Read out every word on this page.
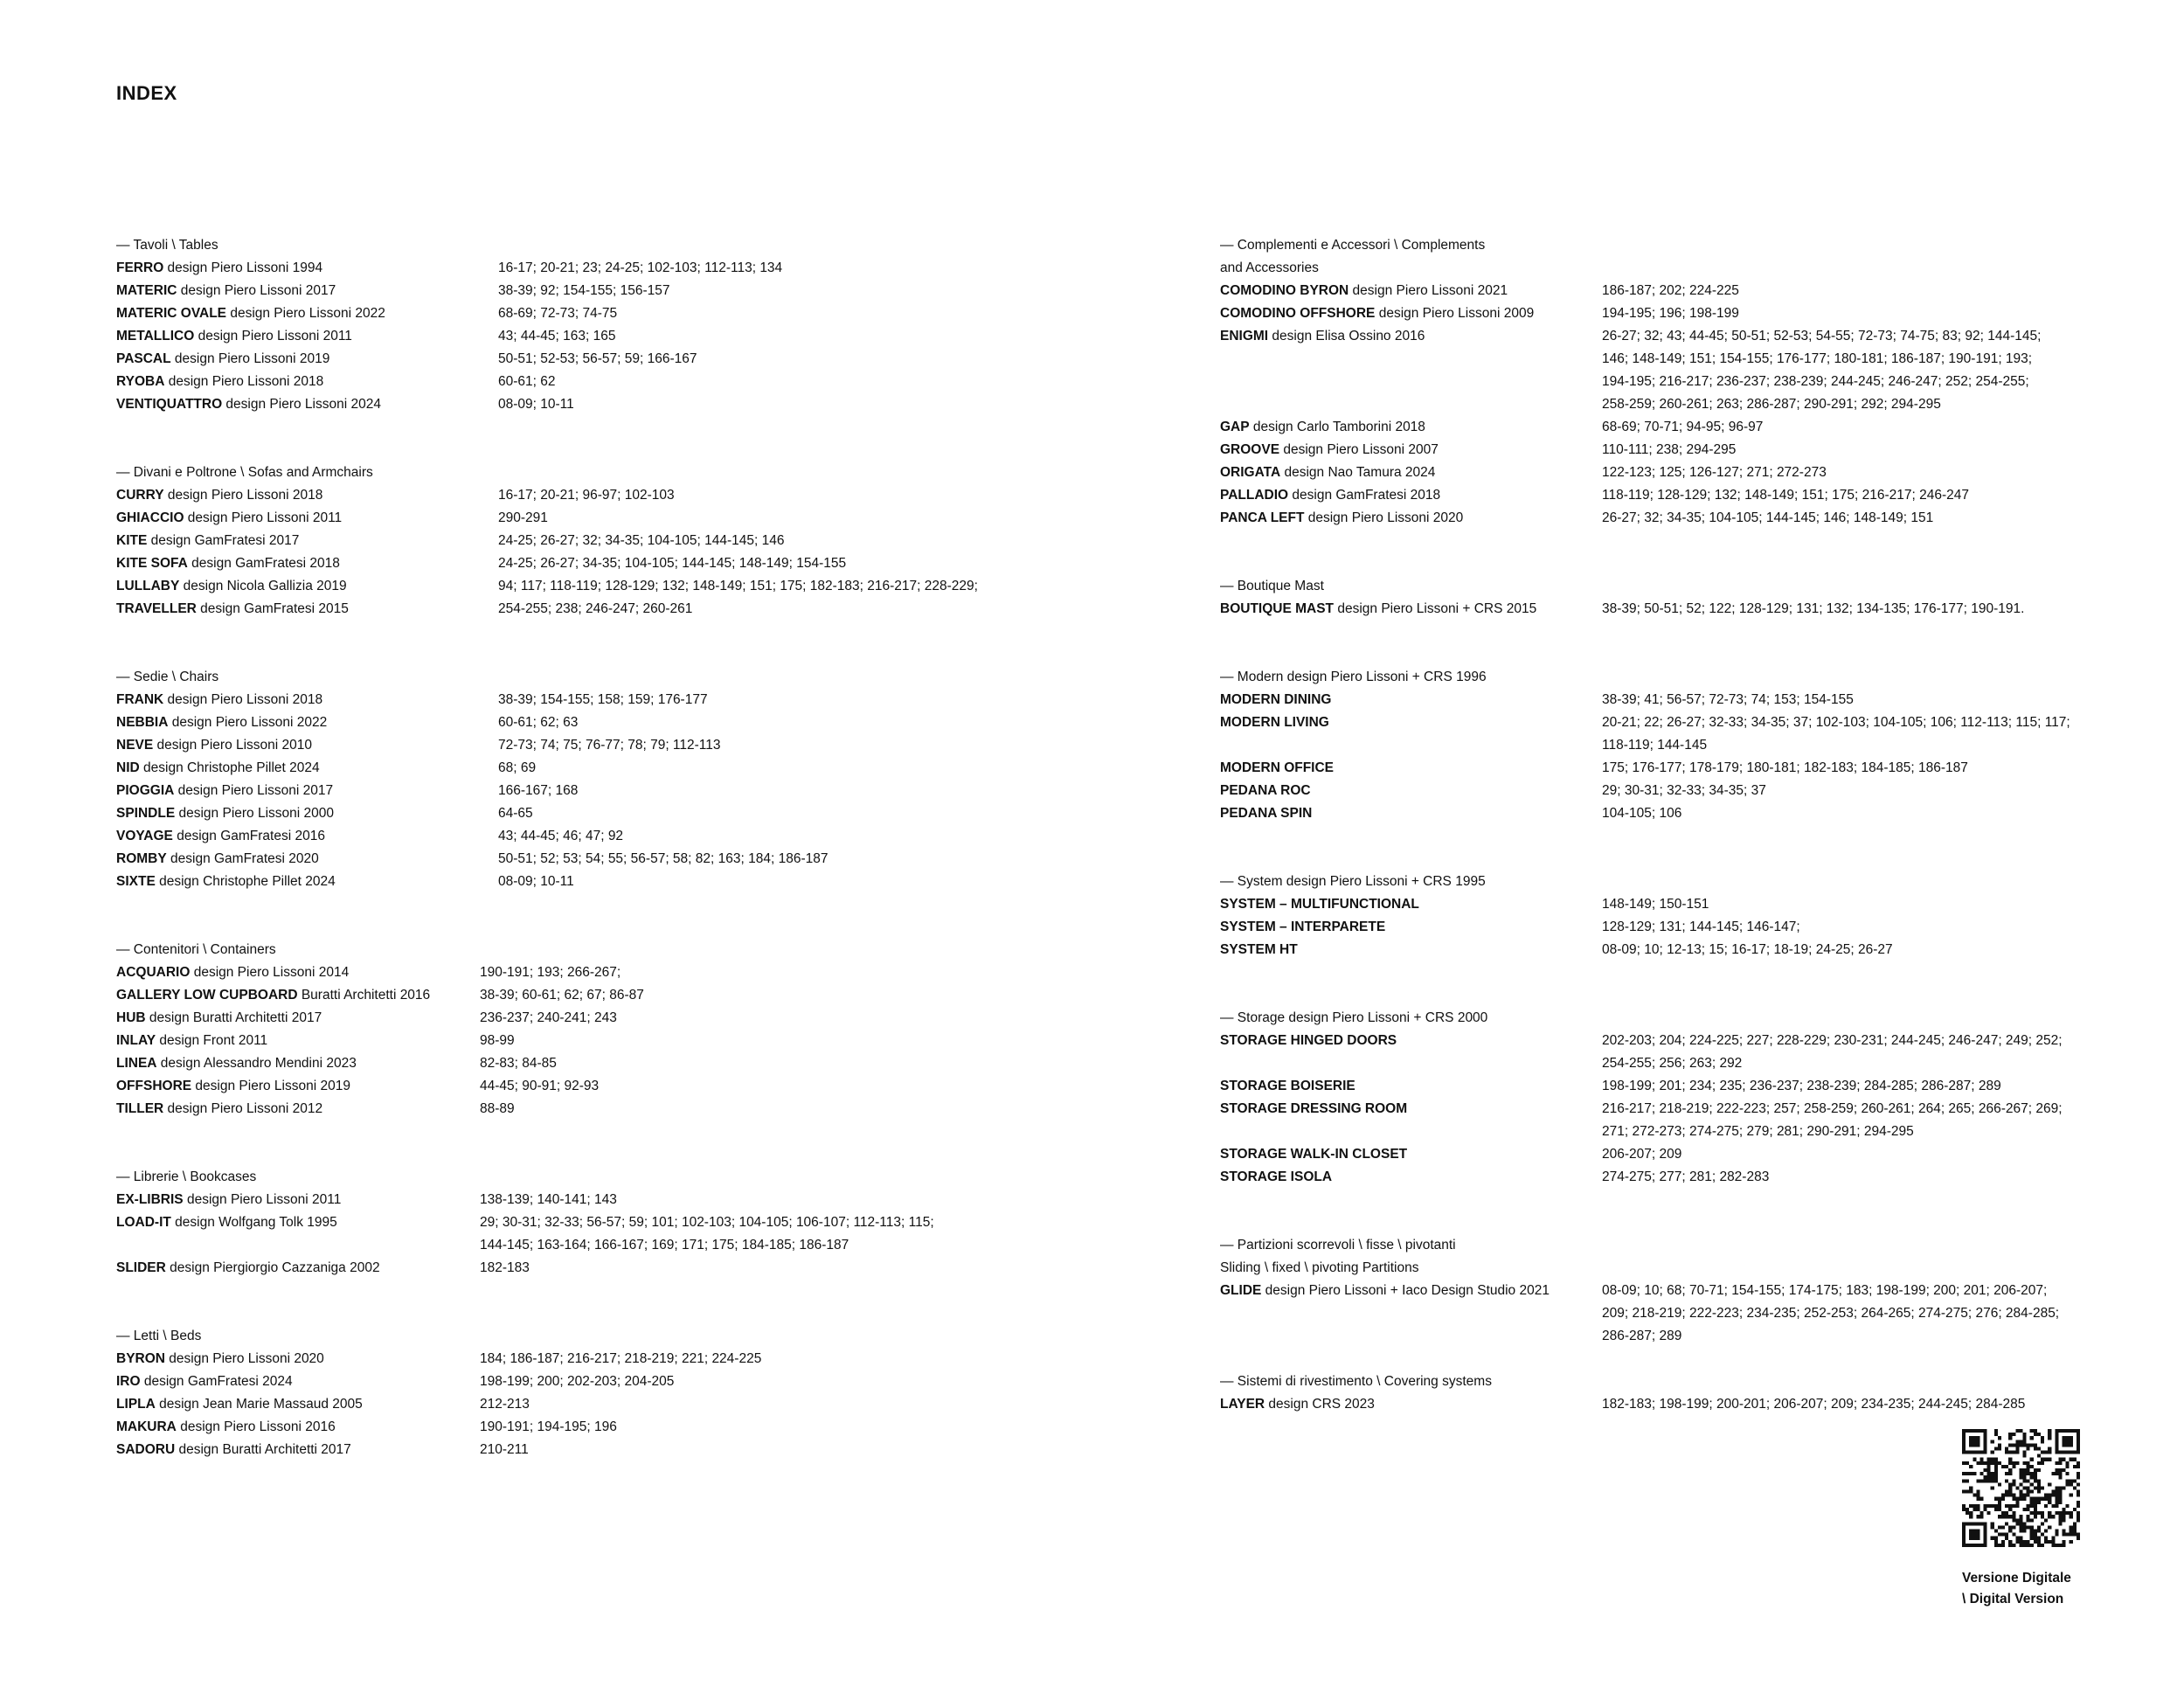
INDEX
— Tavoli \ Tables
FERRO design Piero Lissoni 1994	16-17; 20-21; 23; 24-25; 102-103; 112-113; 134
MATERIC design Piero Lissoni 2017	38-39; 92; 154-155; 156-157
MATERIC OVALE design Piero Lissoni 2022	68-69; 72-73; 74-75
METALLICO design Piero Lissoni 2011	43; 44-45; 163; 165
PASCAL design Piero Lissoni 2019	50-51; 52-53; 56-57; 59; 166-167
RYOBA design Piero Lissoni 2018	60-61; 62
VENTIQUATTRO design Piero Lissoni 2024	08-09; 10-11
— Divani e Poltrone \ Sofas and Armchairs
CURRY design Piero Lissoni 2018	16-17; 20-21; 96-97; 102-103
GHIACCIO design Piero Lissoni 2011	290-291
KITE design GamFratesi 2017	24-25; 26-27; 32; 34-35; 104-105; 144-145; 146
KITE SOFA design GamFratesi 2018	24-25; 26-27; 34-35; 104-105; 144-145; 148-149; 154-155
LULLABY design Nicola Gallizia 2019	94; 117; 118-119; 128-129; 132; 148-149; 151; 175; 182-183; 216-217; 228-229;
TRAVELLER design GamFratesi 2015	254-255; 238; 246-247; 260-261
— Sedie \ Chairs
FRANK design Piero Lissoni 2018	38-39; 154-155; 158; 159; 176-177
NEBBIA design Piero Lissoni 2022	60-61; 62; 63
NEVE design Piero Lissoni 2010	72-73; 74; 75; 76-77; 78; 79; 112-113
NID design Christophe Pillet 2024	68; 69
PIOGGIA design Piero Lissoni 2017	166-167; 168
SPINDLE design Piero Lissoni 2000	64-65
VOYAGE design GamFratesi 2016	43; 44-45; 46; 47; 92
ROMBY design GamFratesi 2020	50-51; 52; 53; 54; 55; 56-57; 58; 82; 163; 184; 186-187
SIXTE design Christophe Pillet 2024	08-09; 10-11
— Contenitori \ Containers
ACQUARIO design Piero Lissoni 2014	190-191; 193; 266-267;
GALLERY LOW CUPBOARD Buratti Architetti 2016	38-39; 60-61; 62; 67; 86-87
HUB design Buratti Architetti 2017	236-237; 240-241; 243
INLAY design Front 2011	98-99
LINEA design Alessandro Mendini 2023	82-83; 84-85
OFFSHORE design Piero Lissoni 2019	44-45; 90-91; 92-93
TILLER design Piero Lissoni 2012	88-89
— Librerie \ Bookcases
EX-LIBRIS design Piero Lissoni 2011	138-139; 140-141; 143
LOAD-IT design Wolfgang Tolk 1995	29; 30-31; 32-33; 56-57; 59; 101; 102-103; 104-105; 106-107; 112-113; 115;
144-145; 163-164; 166-167; 169; 171; 175; 184-185; 186-187
SLIDER design Piergiorgio Cazzaniga 2002	182-183
— Letti \ Beds
BYRON design Piero Lissoni 2020	184; 186-187; 216-217; 218-219; 221; 224-225
IRO design GamFratesi 2024	198-199; 200; 202-203; 204-205
LIPLA design Jean Marie Massaud 2005	212-213
MAKURA design Piero Lissoni 2016	190-191; 194-195; 196
SADORU design Buratti Architetti 2017	210-211
— Complementi e Accessori \ Complements
and Accessories
COMODINO BYRON design Piero Lissoni 2021	186-187; 202; 224-225
COMODINO OFFSHORE design Piero Lissoni 2009	194-195; 196; 198-199
ENIGMI design Elisa Ossino 2016	26-27; 32; 43; 44-45; 50-51; 52-53; 54-55; 72-73; 74-75; 83; 92; 144-145;
146; 148-149; 151; 154-155; 176-177; 180-181; 186-187; 190-191; 193;
194-195; 216-217; 236-237; 238-239; 244-245; 246-247; 252; 254-255;
258-259; 260-261; 263; 286-287; 290-291; 292; 294-295
GAP design Carlo Tamborini 2018	68-69; 70-71; 94-95; 96-97
GROOVE design Piero Lissoni 2007	110-111; 238; 294-295
ORIGATA design Nao Tamura 2024	122-123; 125; 126-127; 271; 272-273
PALLADIO design GamFratesi 2018	118-119; 128-129; 132; 148-149; 151; 175; 216-217; 246-247
PANCA LEFT design Piero Lissoni 2020	26-27; 32; 34-35; 104-105; 144-145; 146; 148-149; 151
— Boutique Mast
BOUTIQUE MAST design Piero Lissoni + CRS 2015	38-39; 50-51; 52; 122; 128-129; 131; 132; 134-135; 176-177; 190-191.
— Modern design Piero Lissoni + CRS 1996
MODERN DINING	38-39; 41; 56-57; 72-73; 74; 153; 154-155
MODERN LIVING	20-21; 22; 26-27; 32-33; 34-35; 37; 102-103; 104-105; 106; 112-113; 115; 117;
118-119; 144-145
MODERN OFFICE	175; 176-177; 178-179; 180-181; 182-183; 184-185; 186-187
PEDANA ROC	29; 30-31; 32-33; 34-35; 37
PEDANA SPIN	104-105; 106
— System design Piero Lissoni + CRS 1995
SYSTEM – MULTIFUNCTIONAL	148-149; 150-151
SYSTEM – INTERPARETE	128-129; 131; 144-145; 146-147;
SYSTEM HT	08-09; 10; 12-13; 15; 16-17; 18-19; 24-25; 26-27
— Storage design Piero Lissoni + CRS 2000
STORAGE HINGED DOORS	202-203; 204; 224-225; 227; 228-229; 230-231; 244-245; 246-247; 249; 252;
254-255; 256; 263; 292
STORAGE BOISERIE	198-199; 201; 234; 235; 236-237; 238-239; 284-285; 286-287; 289
STORAGE DRESSING ROOM	216-217; 218-219; 222-223; 257; 258-259; 260-261; 264; 265; 266-267; 269;
271; 272-273; 274-275; 279; 281; 290-291; 294-295
STORAGE WALK-IN CLOSET	206-207; 209
STORAGE ISOLA	274-275; 277; 281; 282-283
— Partizioni scorrevoli \ fisse \ pivotanti
Sliding \ fixed \ pivoting Partitions
GLIDE design Piero Lissoni + Iaco Design Studio 2021	08-09; 10; 68; 70-71; 154-155; 174-175; 183; 198-199; 200; 201; 206-207;
209; 218-219; 222-223; 234-235; 252-253; 264-265; 274-275; 276; 284-285;
286-287; 289
— Sistemi di rivestimento \ Covering systems
LAYER design CRS 2023	182-183; 198-199; 200-201; 206-207; 209; 234-235; 244-245; 284-285
Versione Digitale
\ Digital Version
